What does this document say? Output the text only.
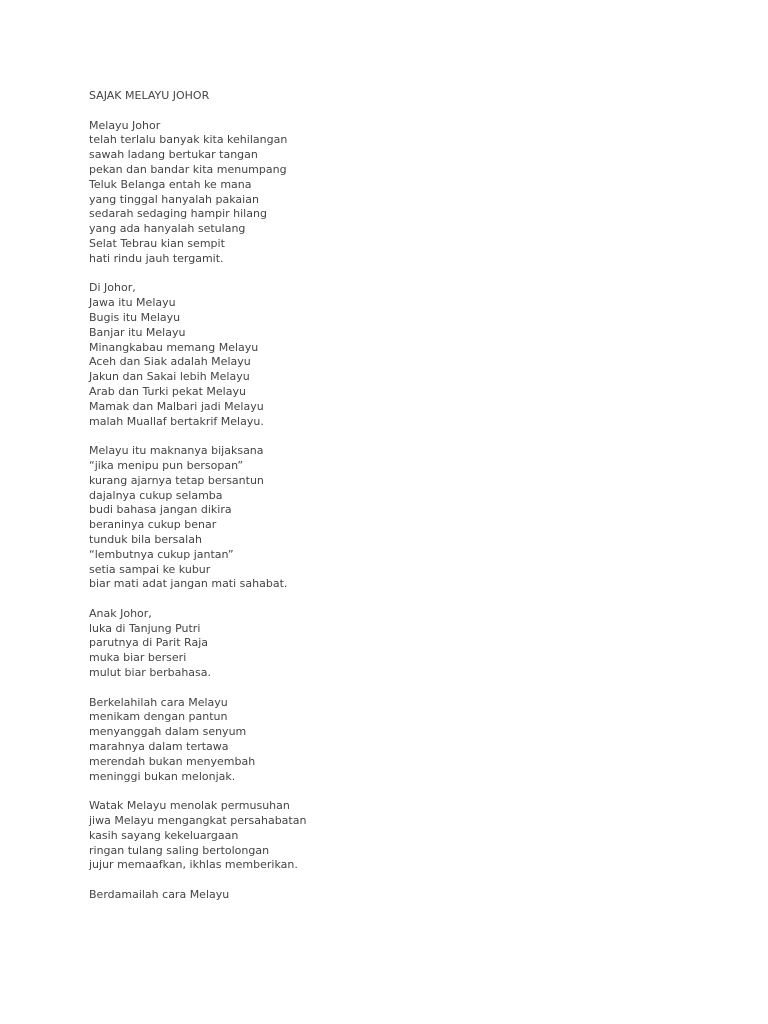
SAJAK MELAYU JOHOR
Melayu Johor
telah terlalu banyak kita kehilangan
sawah ladang bertukar tangan
pekan dan bandar kita menumpang
Teluk Belanga entah ke mana
yang tinggal hanyalah pakaian
sedarah sedaging hampir hilang
yang ada hanyalah setulang
Selat Tebrau kian sempit
hati rindu jauh tergamit.
Di Johor,
Jawa itu Melayu
Bugis itu Melayu
Banjar itu Melayu
Minangkabau memang Melayu
Aceh dan Siak adalah Melayu
Jakun dan Sakai lebih Melayu
Arab dan Turki pekat Melayu
Mamak dan Malbari jadi Melayu
malah Muallaf bertakrif Melayu.
Melayu itu maknanya bijaksana
“jika menipu pun bersopan”
kurang ajarnya tetap bersantun
dajalnya cukup selamba
budi bahasa jangan dikira
beraninya cukup benar
tunduk bila bersalah
“lembutnya cukup jantan”
setia sampai ke kubur
biar mati adat jangan mati sahabat.
Anak Johor,
luka di Tanjung Putri
parutnya di Parit Raja
muka biar berseri
mulut biar berbahasa.
Berkelahilah cara Melayu
menikam dengan pantun
menyanggah dalam senyum
marahnya dalam tertawa
merendah bukan menyembah
meninggi bukan melonjak.
Watak Melayu menolak permusuhan
jiwa Melayu mengangkat persahabatan
kasih sayang kekeluargaan
ringan tulang saling bertolongan
jujur memaafkan, ikhlas memberikan.
Berdamailah cara Melayu
